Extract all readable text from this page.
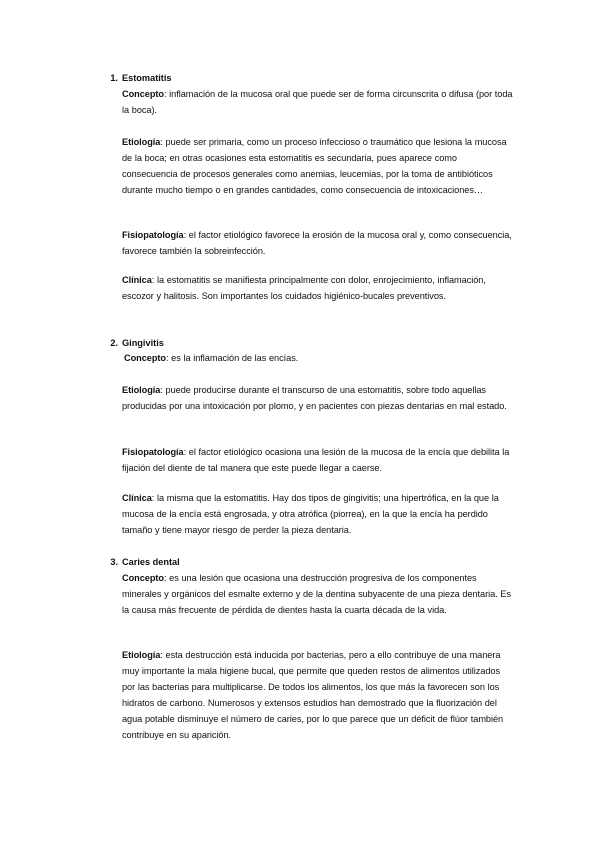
1. Estomatitis
Concepto: inflamación de la mucosa oral que puede ser de forma circunscrita o difusa (por toda la boca).
Etiología: puede ser primaria, como un proceso infeccioso o traumático que lesiona la mucosa de la boca; en otras ocasiones esta estomatitis es secundaria, pues aparece como consecuencia de procesos generales como anemias, leucemias, por la toma de antibióticos durante mucho tiempo o en grandes cantidades, como consecuencia de intoxicaciones…
Fisiopatología: el factor etiológico favorece la erosión de la mucosa oral y, como consecuencia, favorece también la sobreinfección.
Clínica: la estomatitis se manifiesta principalmente con dolor, enrojecimiento, inflamación, escozor y halitosis. Son importantes los cuidados higiénico-bucales preventivos.
2. Gingivitis
Concepto: es la inflamación de las encías.
Etiología: puede producirse durante el transcurso de una estomatitis, sobre todo aquellas producidas por una intoxicación por plomo, y en pacientes con piezas dentarias en mal estado.
Fisiopatología: el factor etiológico ocasiona una lesión de la mucosa de la encía que debilita la fijación del diente de tal manera que este puede llegar a caerse.
Clínica: la misma que la estomatitis. Hay dos tipos de gingivitis; una hipertrófica, en la que la mucosa de la encía está engrosada, y otra atrófica (piorrea), en la que la encía ha perdido tamaño y tiene mayor riesgo de perder la pieza dentaria.
3. Caries dental
Concepto: es una lesión que ocasiona una destrucción progresiva de los componentes minerales y orgánicos del esmalte externo y de la dentina subyacente de una pieza dentaria. Es la causa más frecuente de pérdida de dientes hasta la cuarta década de la vida.
Etiología: esta destrucción está inducida por bacterias, pero a ello contribuye de una manera muy importante la mala higiene bucal, que permite que queden restos de alimentos utilizados por las bacterias para multiplicarse. De todos los alimentos, los que más la favorecen son los hidratos de carbono. Numerosos y extensos estudios han demostrado que la fluorización del agua potable disminuye el número de caries, por lo que parece que un déficit de flúor también contribuye en su aparición.
